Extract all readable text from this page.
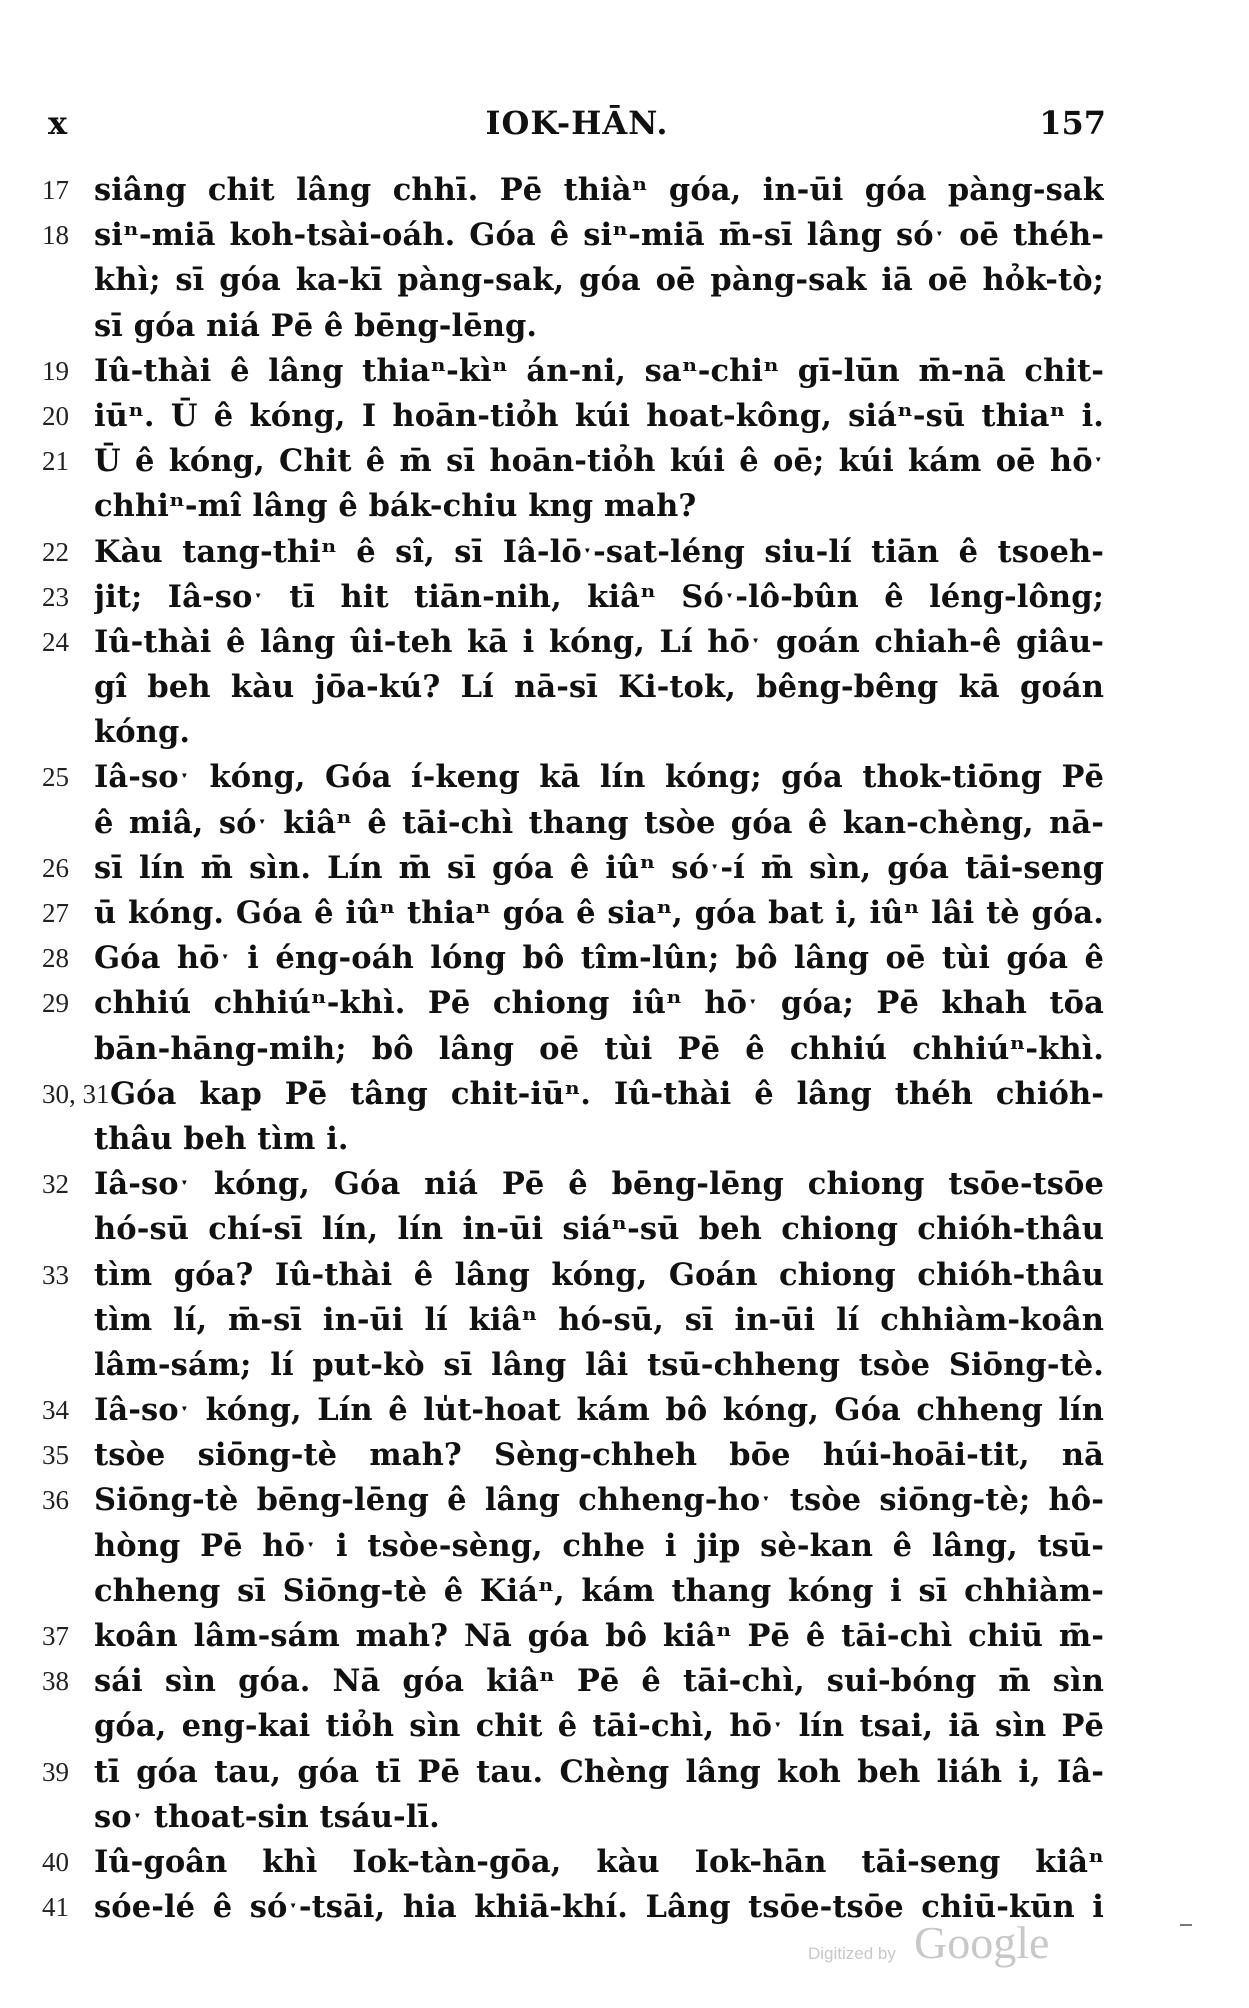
x	IOK-HĀN.	157
17 siâng chit lâng chhī. Pē thiàⁿ góa, in-ūi góa pàng-sak
18 siⁿ-miā koh-tsài-oáh. Góa ê siⁿ-miā m̄-sī lâng sóˑ oē théh-
khì; sī góa ka-kī pàng-sak, góa oē pàng-sak iā oē hỏk-tò;
sī góa niá Pē ê bēng-lēng.
19 Iû-thài ê lâng thiaⁿ-kìⁿ án-ni, saⁿ-chiⁿ gī-lūn m̄-nā chit-
20 iūⁿ. Ū ê kóng, I hoān-tiỏh kúi hoat-kông, siáⁿ-sū thiaⁿ i.
21 Ū ê kóng, Chit ê m̄ sī hoān-tiỏh kúi ê oē; kúi kám oē hōˑ
chhiⁿ-mî lâng ê bák-chiu kng mah?
22 Kàu tang-thiⁿ ê sî, sī Iâ-lōˑ-sat-léng siu-lí tiān ê tsoeh-
23 jit; Iâ-soˑ tī hit tiān-nih, kiâⁿ Sóˑ-lô-bûn ê léng-lông;
24 Iû-thài ê lâng ûi-teh kā i kóng, Lí hōˑ goán chiah-ê giâu-
gî beh kàu jōa-kú? Lí nā-sī Ki-tok, bêng-bêng kā goán
kóng.
25 Iâ-soˑ kóng, Góa í-keng kā lín kóng; góa thok-tiōng Pē
ê miâ, sóˑ kiâⁿ ê tāi-chì thang tsòe góa ê kan-chèng, nā-
26 sī lín m̄ sìn. Lín m̄ sī góa ê iûⁿ sóˑ-í m̄ sìn, góa tāi-seng
27 ū kóng. Góa ê iûⁿ thiaⁿ góa ê siaⁿ, góa bat i, iûⁿ lâi tè góa.
28 Góa hōˑ i éng-oáh lóng bô tîm-lûn; bô lâng oē tùi góa ê
29 chhiú chhiúⁿ-khì. Pē chiong iûⁿ hōˑ góa; Pē khah tōa
bān-hāng-mih; bô lâng oē tùi Pē ê chhiú chhiúⁿ-khì.
30, 31 Góa kap Pē tâng chit-iūⁿ. Iû-thài ê lâng théh chióh-
thâu beh tìm i.
32 Iâ-soˑ kóng, Góa niá Pē ê bēng-lēng chiong tsōe-tsōe
hó-sū chí-sī lín, lín in-ūi siáⁿ-sū beh chiong chióh-thâu
33 tìm góa? Iû-thài ê lâng kóng, Goán chiong chióh-thâu
tìm lí, m̄-sī in-ūi lí kiâⁿ hó-sū, sī in-ūi lí chhiàm-koân
lâm-sám; lí put-kò sī lâng lâi tsū-chheng tsòe Siōng-tè.
34 Iâ-soˑ kóng, Lín ê lu̍t-hoat kám bô kóng, Góa chheng lín
35 tsòe siōng-tè mah? Sèng-chheh bōe húi-hoāi-tit, nā
36 Siōng-tè bēng-lēng ê lâng chheng-hoˑ tsòe siōng-tè; hô-
hòng Pē hōˑ i tsòe-sèng, chhe i jip sè-kan ê lâng, tsū-
chheng sī Siōng-tè ê Kiáⁿ, kám thang kóng i sī chhiàm-
37 koân lâm-sám mah? Nā góa bô kiâⁿ Pē ê tāi-chì chiū m̄-
38 sái sìn góa. Nā góa kiâⁿ Pē ê tāi-chì, sui-bóng m̄ sìn
góa, eng-kai tiỏh sìn chit ê tāi-chì, hōˑ lín tsai, iā sìn Pē
39 tī góa tau, góa tī Pē tau. Chèng lâng koh beh liáh i, Iâ-
soˑ thoat-sin tsáu-lī.
40 Iû-goân khì Iok-tàn-gōa, kàu Iok-hān tāi-seng kiâⁿ
41 sóe-lé ê sóˑ-tsāi, hia khiā-khí. Lâng tsōe-tsōe chiū-kūn i
Digitized by Google
